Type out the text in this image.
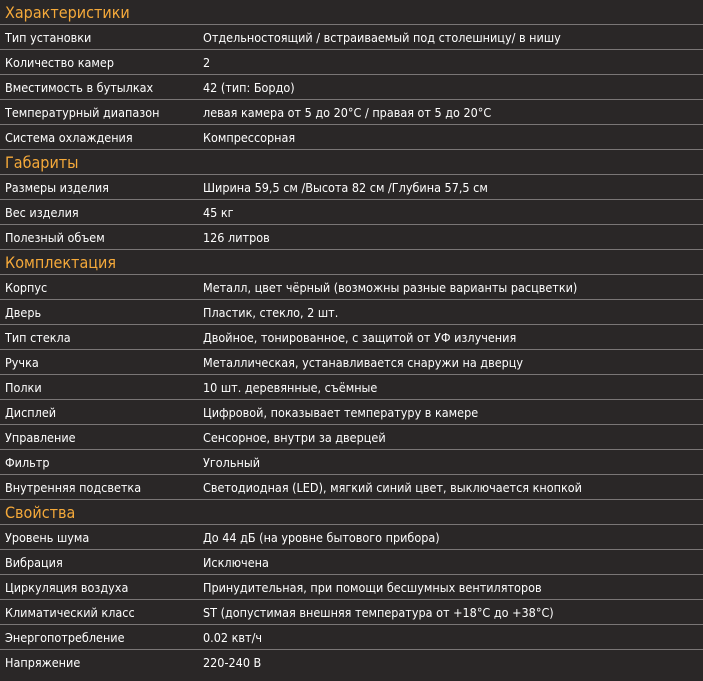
Характеристики
Тип установки	Отдельностоящий / встраиваемый под столешницу/ в нишу
Количество камер	2
Вместимость в бутылках	42 (тип: Бордо)
Температурный диапазон	левая камера от 5 до 20°С / правая от 5 до 20°С
Система охлаждения	Компрессорная
Габариты
Размеры изделия	Ширина 59,5 см /Высота 82 см /Глубина 57,5 см
Вес изделия	45 кг
Полезный объем	126 литров
Комплектация
Корпус	Металл, цвет чёрный (возможны разные варианты расцветки)
Дверь	Пластик, стекло, 2 шт.
Тип стекла	Двойное, тонированное, с защитой от УФ излучения
Ручка	Металлическая, устанавливается снаружи на дверцу
Полки	10 шт. деревянные, съёмные
Дисплей	Цифровой, показывает температуру в камере
Управление	Сенсорное, внутри за дверцей
Фильтр	Угольный
Внутренняя подсветка	Светодиодная (LED), мягкий синий цвет, выключается кнопкой
Свойства
Уровень шума	До 44 дБ (на уровне бытового прибора)
Вибрация	Исключена
Циркуляция воздуха	Принудительная, при помощи бесшумных вентиляторов
Климатический класс	ST (допустимая внешняя температура от +18°С до +38°С)
Энергопотребление	0.02 квт/ч
Напряжение	220-240 В
